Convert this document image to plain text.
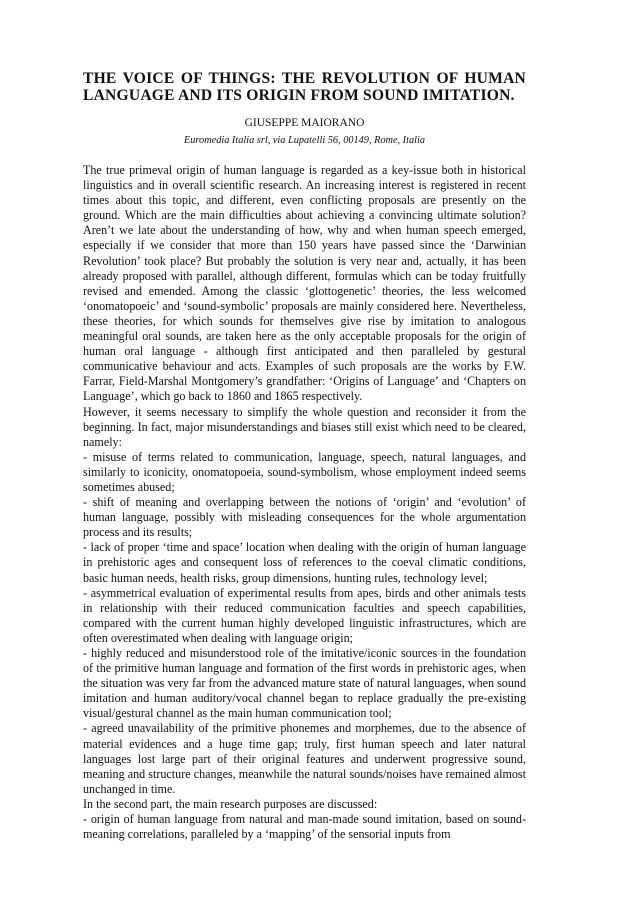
THE VOICE OF THINGS: THE REVOLUTION OF HUMAN
LANGUAGE AND ITS ORIGIN FROM SOUND IMITATION.
GIUSEPPE MAIORANO
Euromedia Italia srl, via Lupatelli 56, 00149, Rome, Italia

The true primeval origin of human language is regarded as a key-issue both in historical linguistics and in overall scientific research. An increasing interest is registered in recent times about this topic, and different, even conflicting proposals are presently on the ground. Which are the main difficulties about achieving a convincing ultimate solution? Aren’t we late about the understanding of how, why and when human speech emerged, especially if we consider that more than 150 years have passed since the ‘Darwinian Revolution’ took place? But probably the solution is very near and, actually, it has been already proposed with parallel, although different, formulas which can be today fruitfully revised and emended. Among the classic ‘glottogenetic’ theories, the less welcomed ‘onomatopoeic’ and ‘sound-symbolic’ proposals are mainly considered here. Nevertheless, these theories, for which sounds for themselves give rise by imitation to analogous meaningful oral sounds, are taken here as the only acceptable proposals for the origin of human oral language - although first anticipated and then paralleled by gestural communicative behaviour and acts. Examples of such proposals are the works by F.W. Farrar, Field-Marshal Montgomery’s grandfather: ‘Origins of Language’ and ‘Chapters on Language’, which go back to 1860 and 1865 respectively.

However, it seems necessary to simplify the whole question and reconsider it from the beginning. In fact, major misunderstandings and biases still exist which need to be cleared, namely:

- misuse of terms related to communication, language, speech, natural languages, and similarly to iconicity, onomatopoeia, sound-symbolism, whose employment indeed seems sometimes abused;

- shift of meaning and overlapping between the notions of ‘origin’ and ‘evolution’ of human language, possibly with misleading consequences for the whole argumentation process and its results;

- lack of proper ‘time and space’ location when dealing with the origin of human language in prehistoric ages and consequent loss of references to the coeval climatic conditions, basic human needs, health risks, group dimensions, hunting rules, technology level;

- asymmetrical evaluation of experimental results from apes, birds and other animals tests in relationship with their reduced communication faculties and speech capabilities, compared with the current human highly developed linguistic infrastructures, which are often overestimated when dealing with language origin;

- highly reduced and misunderstood role of the imitative/iconic sources in the foundation of the primitive human language and formation of the first words in prehistoric ages, when the situation was very far from the advanced mature state of natural languages, when sound imitation and human auditory/vocal channel began to replace gradually the pre-existing visual/gestural channel as the main human communication tool;

- agreed unavailability of the primitive phonemes and morphemes, due to the absence of material evidences and a huge time gap; truly, first human speech and later natural languages lost large part of their original features and underwent progressive sound, meaning and structure changes, meanwhile the natural sounds/noises have remained almost unchanged in time.

In the second part, the main research purposes are discussed:

- origin of human language from natural and man-made sound imitation, based on sound-meaning correlations, paralleled by a ‘mapping’ of the sensorial inputs from
